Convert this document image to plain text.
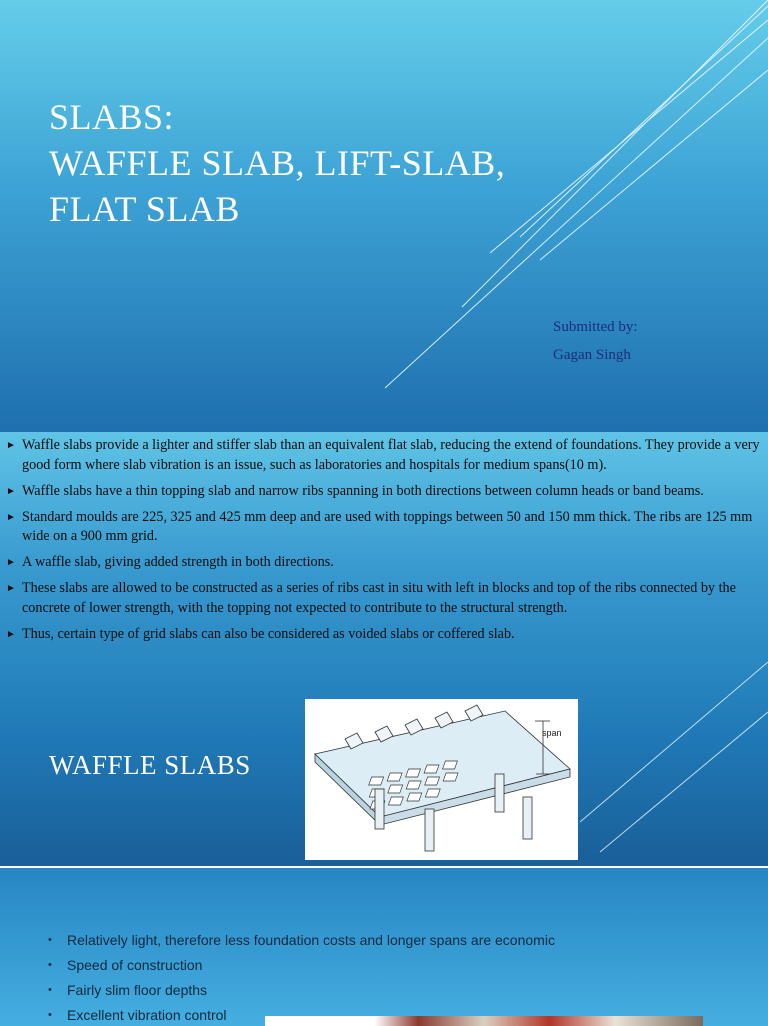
SLABS:
WAFFLE SLAB, LIFT-SLAB,
FLAT SLAB
Submitted by:
Gagan Singh
► Waffle slabs provide a lighter and stiffer slab than an equivalent flat slab, reducing the extend of foundations. They provide a very good form where slab vibration is an issue, such as laboratories and hospitals for medium spans(10 m).
► Waffle slabs have a thin topping slab and narrow ribs spanning in both directions between column heads or band beams.
► Standard moulds are 225, 325 and 425 mm deep and are used with toppings between 50 and 150 mm thick. The ribs are 125 mm wide on a 900 mm grid.
► A waffle slab, giving added strength in both directions.
► These slabs are allowed to be constructed as a series of ribs cast in situ with left in blocks and top of the ribs connected by the concrete of lower strength, with the topping not expected to contribute to the structural strength.
► Thus, certain type of grid slabs can also be considered as voided slabs or coffered slab.
WAFFLE SLABS
span
• Relatively light, therefore less foundation costs and longer spans are economic
• Speed of construction
• Fairly slim floor depths
• Excellent vibration control
